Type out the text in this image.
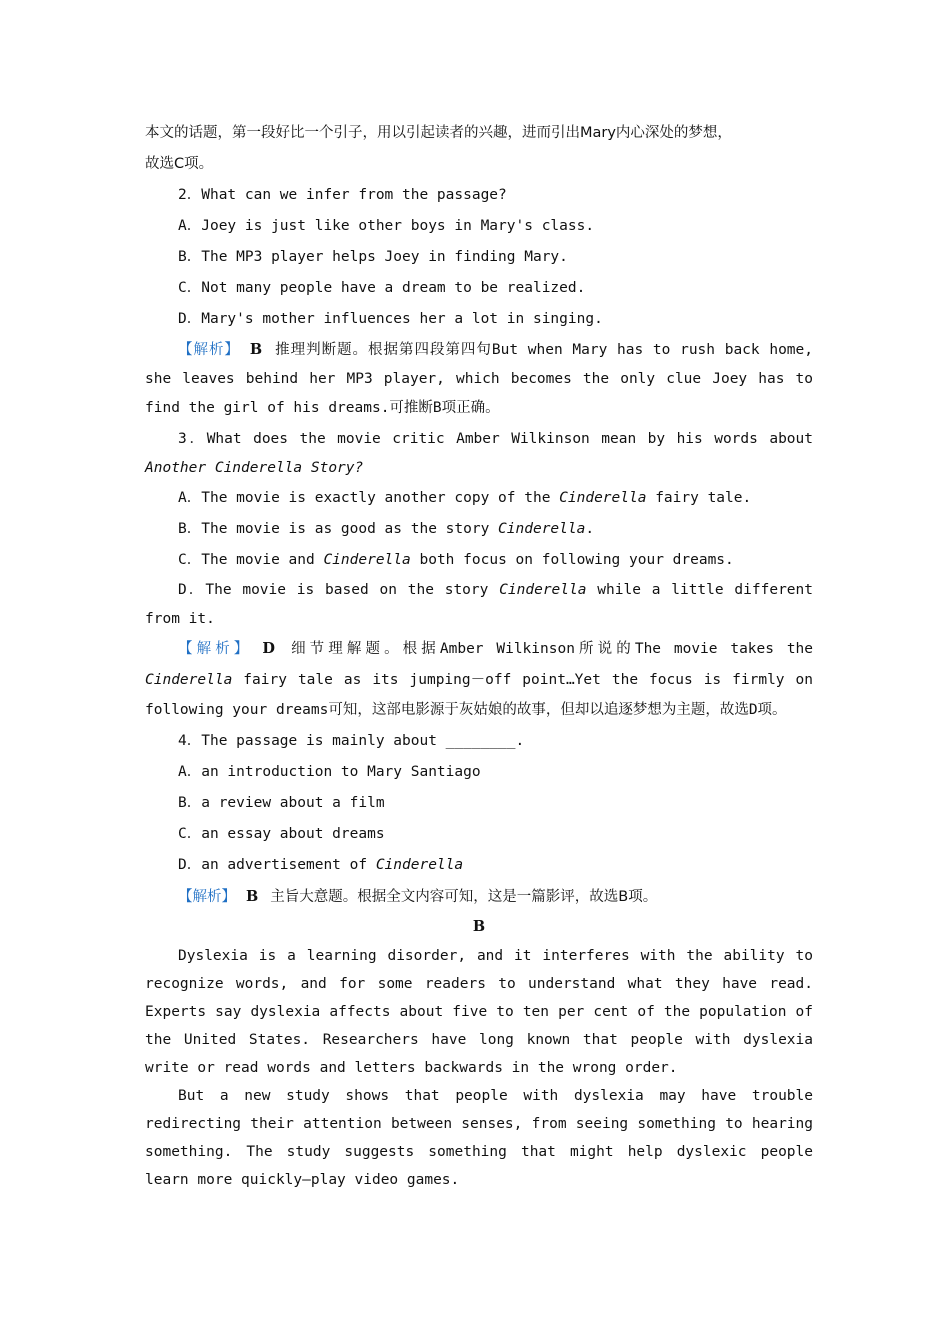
本文的话题，第一段好比一个引子，用以引起读者的兴趣，进而引出Mary内心深处的梦想，
故选C项。
2．What can we infer from the passage?
A．Joey is just like other boys in Mary's class.
B．The MP3 player helps Joey in finding Mary.
C．Not many people have a dream to be realized.
D．Mary's mother influences her a lot in singing.
【解析】 B 推理判断题。根据第四段第四句But when Mary has to rush back home, she leaves behind her MP3 player, which becomes the only clue Joey has to find the girl of his dreams.可推断B项正确。
3．What does the movie critic Amber Wilkinson mean by his words about Another Cinderella Story?
A．The movie is exactly another copy of the Cinderella fairy tale.
B．The movie is as good as the story Cinderella.
C．The movie and Cinderella both focus on following your dreams.
D．The movie is based on the story Cinderella while a little different from it.
【解析】 D 细节理解题。根据Amber Wilkinson所说的The movie takes the Cinderella fairy tale as its jumping－off point…Yet the focus is firmly on following your dreams可知，这部电影源于灰姑娘的故事，但却以追逐梦想为主题，故选D项。
4．The passage is mainly about ________.
A．an introduction to Mary Santiago
B．a review about a film
C．an essay about dreams
D．an advertisement of Cinderella
【解析】 B 主旨大意题。根据全文内容可知，这是一篇影评，故选B项。
B
Dyslexia is a learning disorder, and it interferes with the ability to recognize words, and for some readers to understand what they have read. Experts say dyslexia affects about five to ten per cent of the population of the United States. Researchers have long known that people with dyslexia write or read words and letters backwards in the wrong order.
But a new study shows that people with dyslexia may have trouble redirecting their attention between senses, from seeing something to hearing something. The study suggests something that might help dyslexic people learn more quickly—play video games.
